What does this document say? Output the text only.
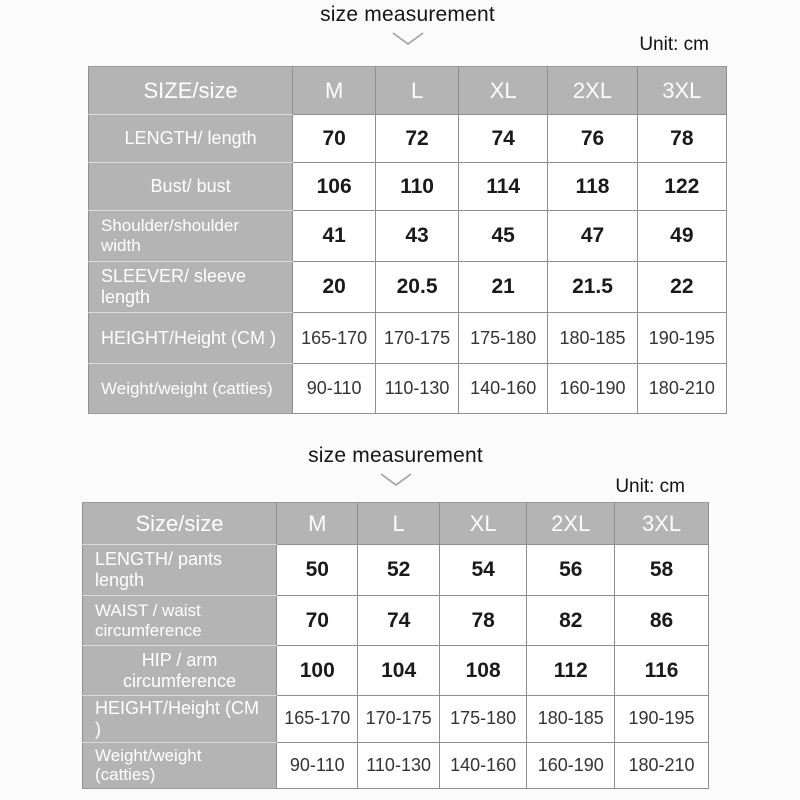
size measurement
Unit: cm
SIZE/size	M	L	XL	2XL	3XL
LENGTH/ length	70	72	74	76	78
Bust/ bust	106	110	114	118	122
Shoulder/shoulder width	41	43	45	47	49
SLEEVER/ sleeve length	20	20.5	21	21.5	22
HEIGHT/Height (CM )	165-170	170-175	175-180	180-185	190-195
Weight/weight (catties)	90-110	110-130	140-160	160-190	180-210
size measurement
Unit: cm
Size/size	M	L	XL	2XL	3XL
LENGTH/ pants length	50	52	54	56	58
WAIST / waist circumference	70	74	78	82	86
HIP / arm circumference	100	104	108	112	116
HEIGHT/Height (CM )	165-170	170-175	175-180	180-185	190-195
Weight/weight (catties)	90-110	110-130	140-160	160-190	180-210
